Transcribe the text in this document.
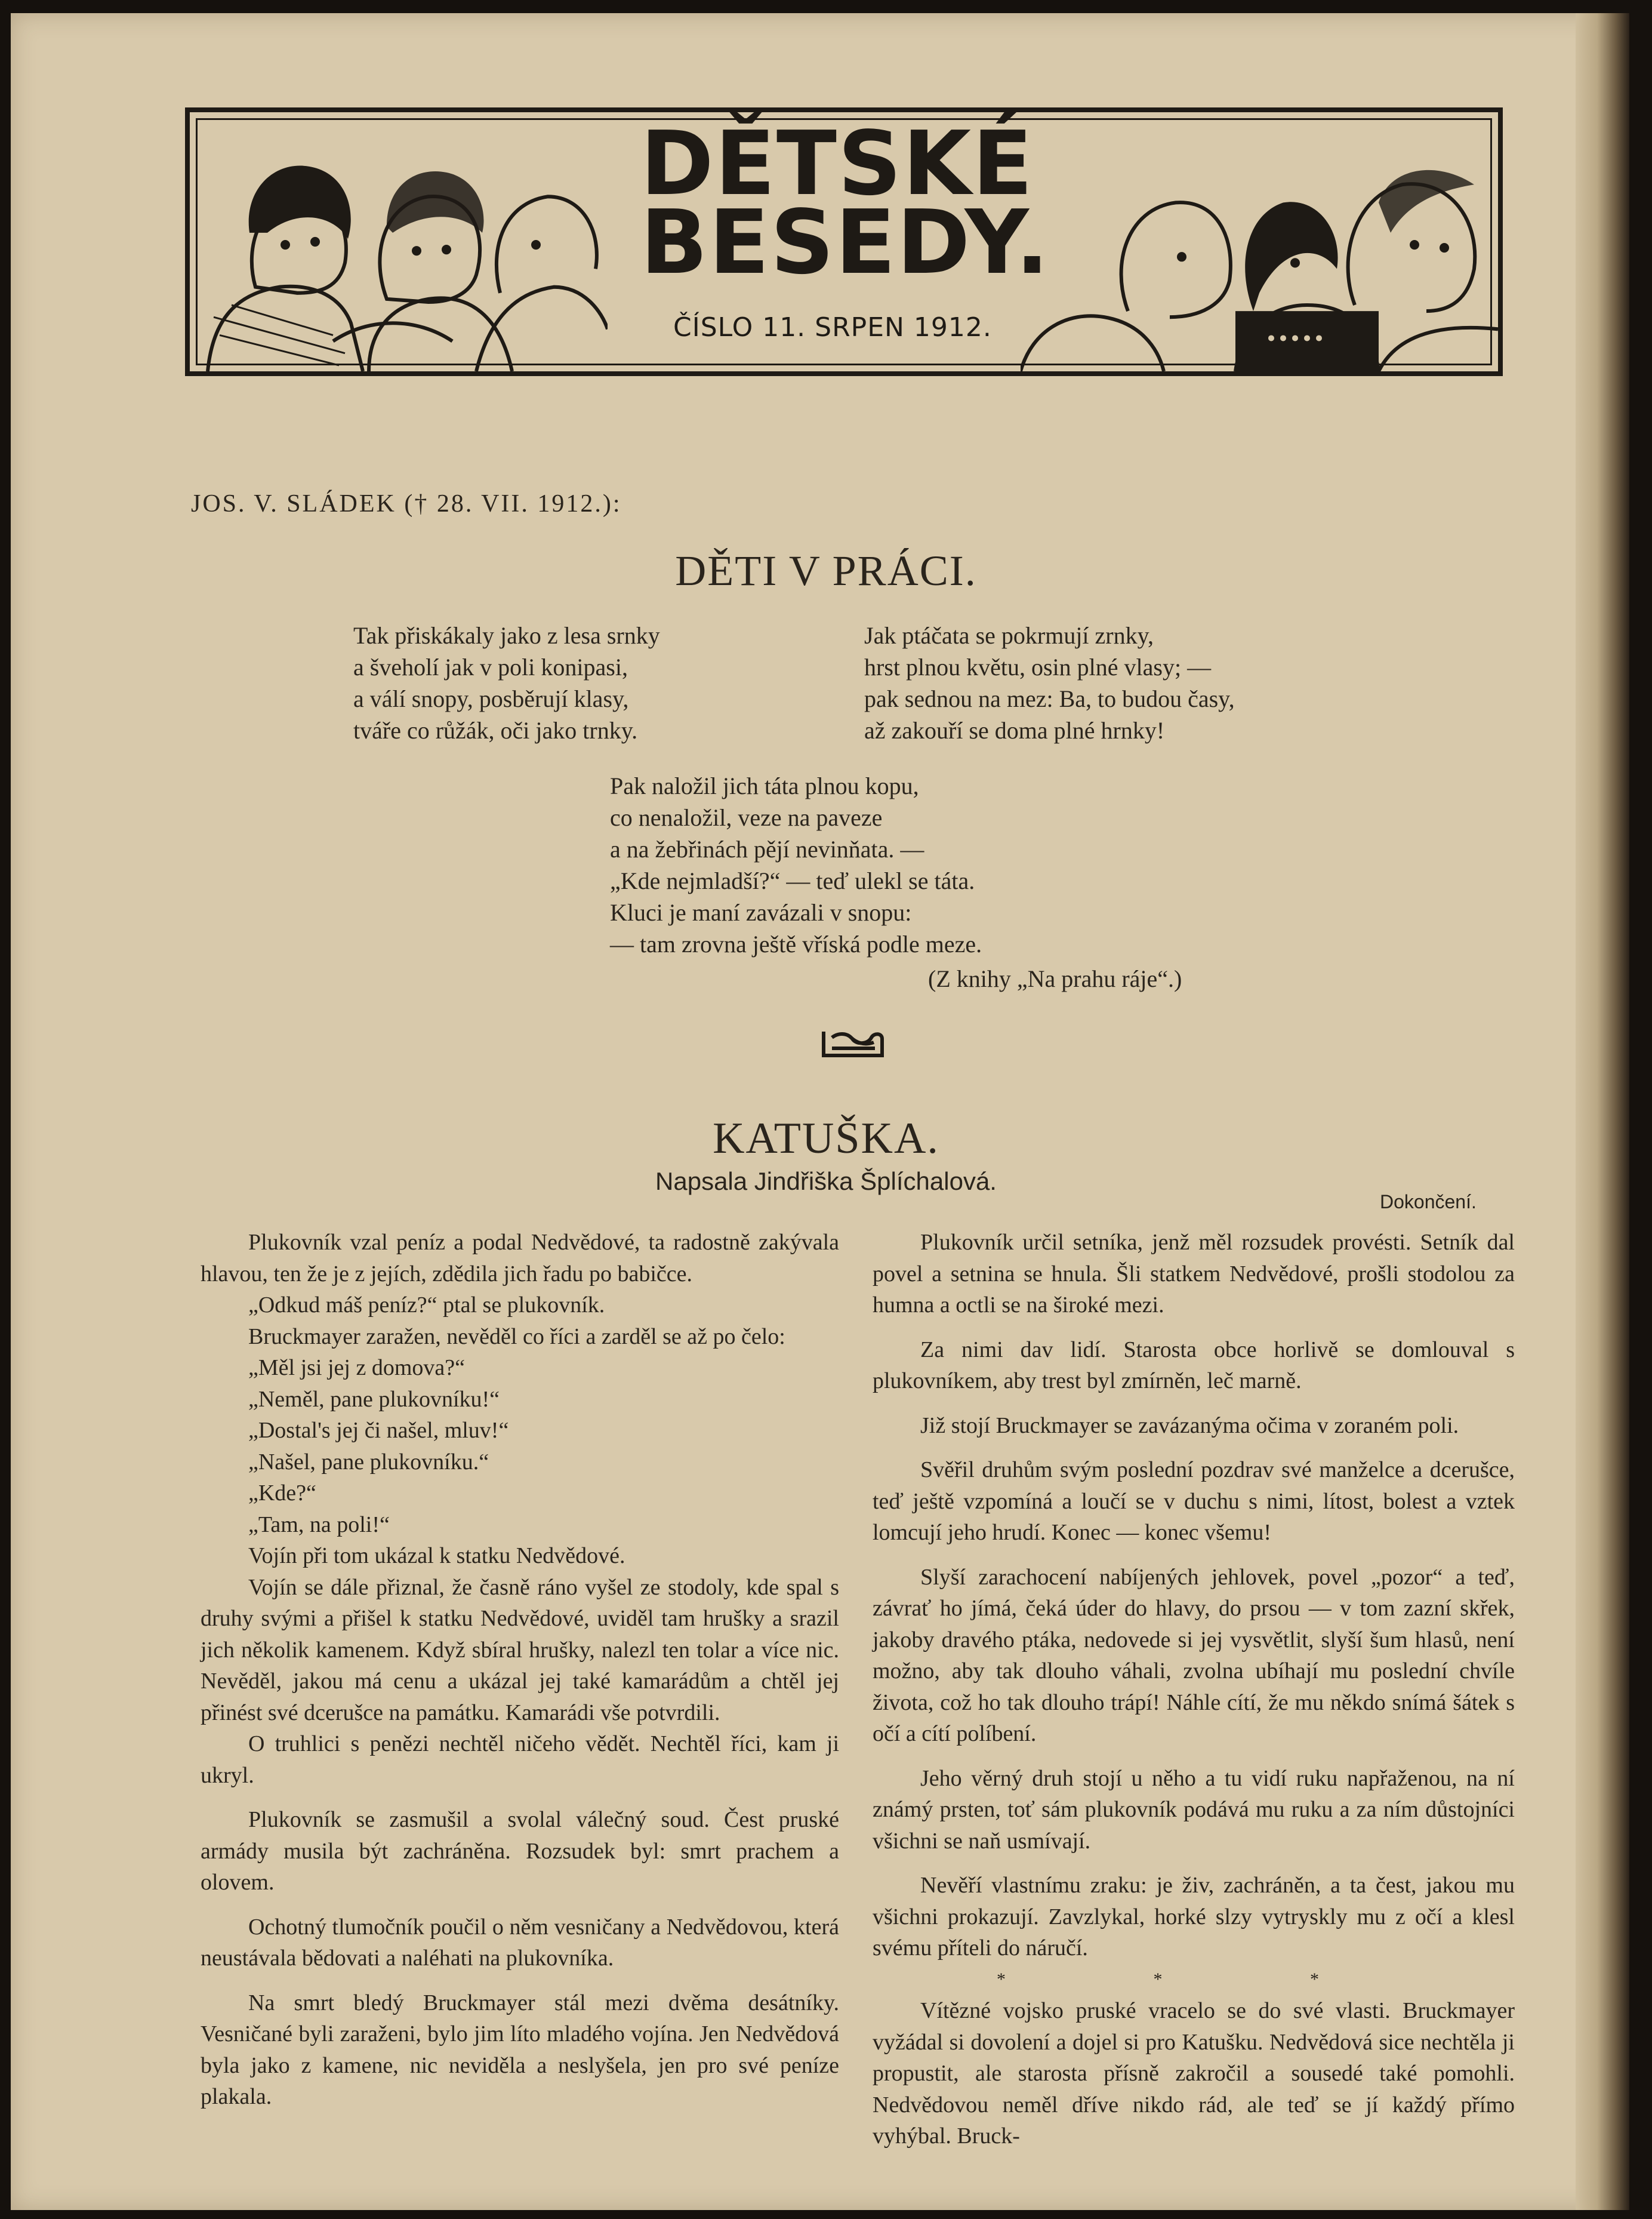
DĚTSKÉ
BESEDY.
ČÍSLO 11. SRPEN 1912.
JOS. V. SLÁDEK († 28. VII. 1912.):
DĚTI V PRÁCI.

Tak přiskákaly jako z lesa srnky

a šveholí jak v poli konipasi,

a válí snopy, posběrují klasy,

tváře co růžák, oči jako trnky.

Jak ptáčata se pokrmují zrnky,

hrst plnou květu, osin plné vlasy; —

pak sednou na mez: Ba, to budou časy,

až zakouří se doma plné hrnky!

Pak naložil jich táta plnou kopu,

co nenaložil, veze na paveze

a na žebřinách pějí nevinňata. —

„Kde nejmladší?“ — teď ulekl se táta.

Kluci je maní zavázali v snopu:

— tam zrovna ještě vříská podle meze.

(Z knihy „Na prahu ráje“.)
KATUŠKA.
Napsala Jindřiška Šplíchalová.
Dokončení.

Plukovník vzal peníz a podal Nedvědové, ta radostně zakývala hlavou, ten že je z jejích, zdědila jich řadu po babičce.

„Odkud máš peníz?“ ptal se plukovník.

Bruckmayer zaražen, nevěděl co říci a zarděl se až po čelo:

„Měl jsi jej z domova?“

„Neměl, pane plukovníku!“

„Dostal's jej či našel, mluv!“

„Našel, pane plukovníku.“

„Kde?“

„Tam, na poli!“

Vojín při tom ukázal k statku Nedvědové.

Vojín se dále přiznal, že časně ráno vyšel ze stodoly, kde spal s druhy svými a přišel k statku Nedvědové, uviděl tam hrušky a srazil jich několik kamenem. Když sbíral hrušky, nalezl ten tolar a více nic. Nevěděl, jakou má cenu a ukázal jej také kamarádům a chtěl jej přinést své dcerušce na památku. Kamarádi vše potvrdili.

O truhlici s penězi nechtěl ničeho vědět. Nechtěl říci, kam ji ukryl.

Plukovník se zasmušil a svolal válečný soud. Čest pruské armády musila být zachráněna. Rozsudek byl: smrt prachem a olovem.

Ochotný tlumočník poučil o něm vesničany a Nedvědovou, která neustávala bědovati a naléhati na plukovníka.

Na smrt bledý Bruckmayer stál mezi dvěma desátníky. Vesničané byli zaraženi, bylo jim líto mladého vojína. Jen Nedvědová byla jako z kamene, nic neviděla a neslyšela, jen pro své peníze plakala.

Plukovník určil setníka, jenž měl rozsudek provésti. Setník dal povel a setnina se hnula. Šli statkem Nedvědové, prošli stodolou za humna a octli se na široké mezi.

Za nimi dav lidí. Starosta obce horlivě se domlouval s plukovníkem, aby trest byl zmírněn, leč marně.

Již stojí Bruckmayer se zavázanýma očima v zoraném poli.

Svěřil druhům svým poslední pozdrav své manželce a dcerušce, teď ještě vzpomíná a loučí se v duchu s nimi, lítost, bolest a vztek lomcují jeho hrudí. Konec — konec všemu!

Slyší zarachocení nabíjených jehlovek, povel „pozor“ a teď, závrať ho jímá, čeká úder do hlavy, do prsou — v tom zazní skřek, jakoby dravého ptáka, nedovede si jej vysvětlit, slyší šum hlasů, není možno, aby tak dlouho váhali, zvolna ubíhají mu poslední chvíle života, což ho tak dlouho trápí! Náhle cítí, že mu někdo snímá šátek s očí a cítí políbení.

Jeho věrný druh stojí u něho a tu vidí ruku napřaženou, na ní známý prsten, toť sám plukovník podává mu ruku a za ním důstojníci všichni se naň usmívají.

Nevěří vlastnímu zraku: je živ, zachráněn, a ta čest, jakou mu všichni prokazují. Zavzlykal, horké slzy vytryskly mu z očí a klesl svému příteli do náručí.

* * *

Vítězné vojsko pruské vracelo se do své vlasti. Bruckmayer vyžádal si dovolení a dojel si pro Katušku. Nedvědová sice nechtěla ji propustit, ale starosta přísně zakročil a sousedé také pomohli. Nedvědovou neměl dříve nikdo rád, ale teď se jí každý přímo vyhýbal. Bruck-
